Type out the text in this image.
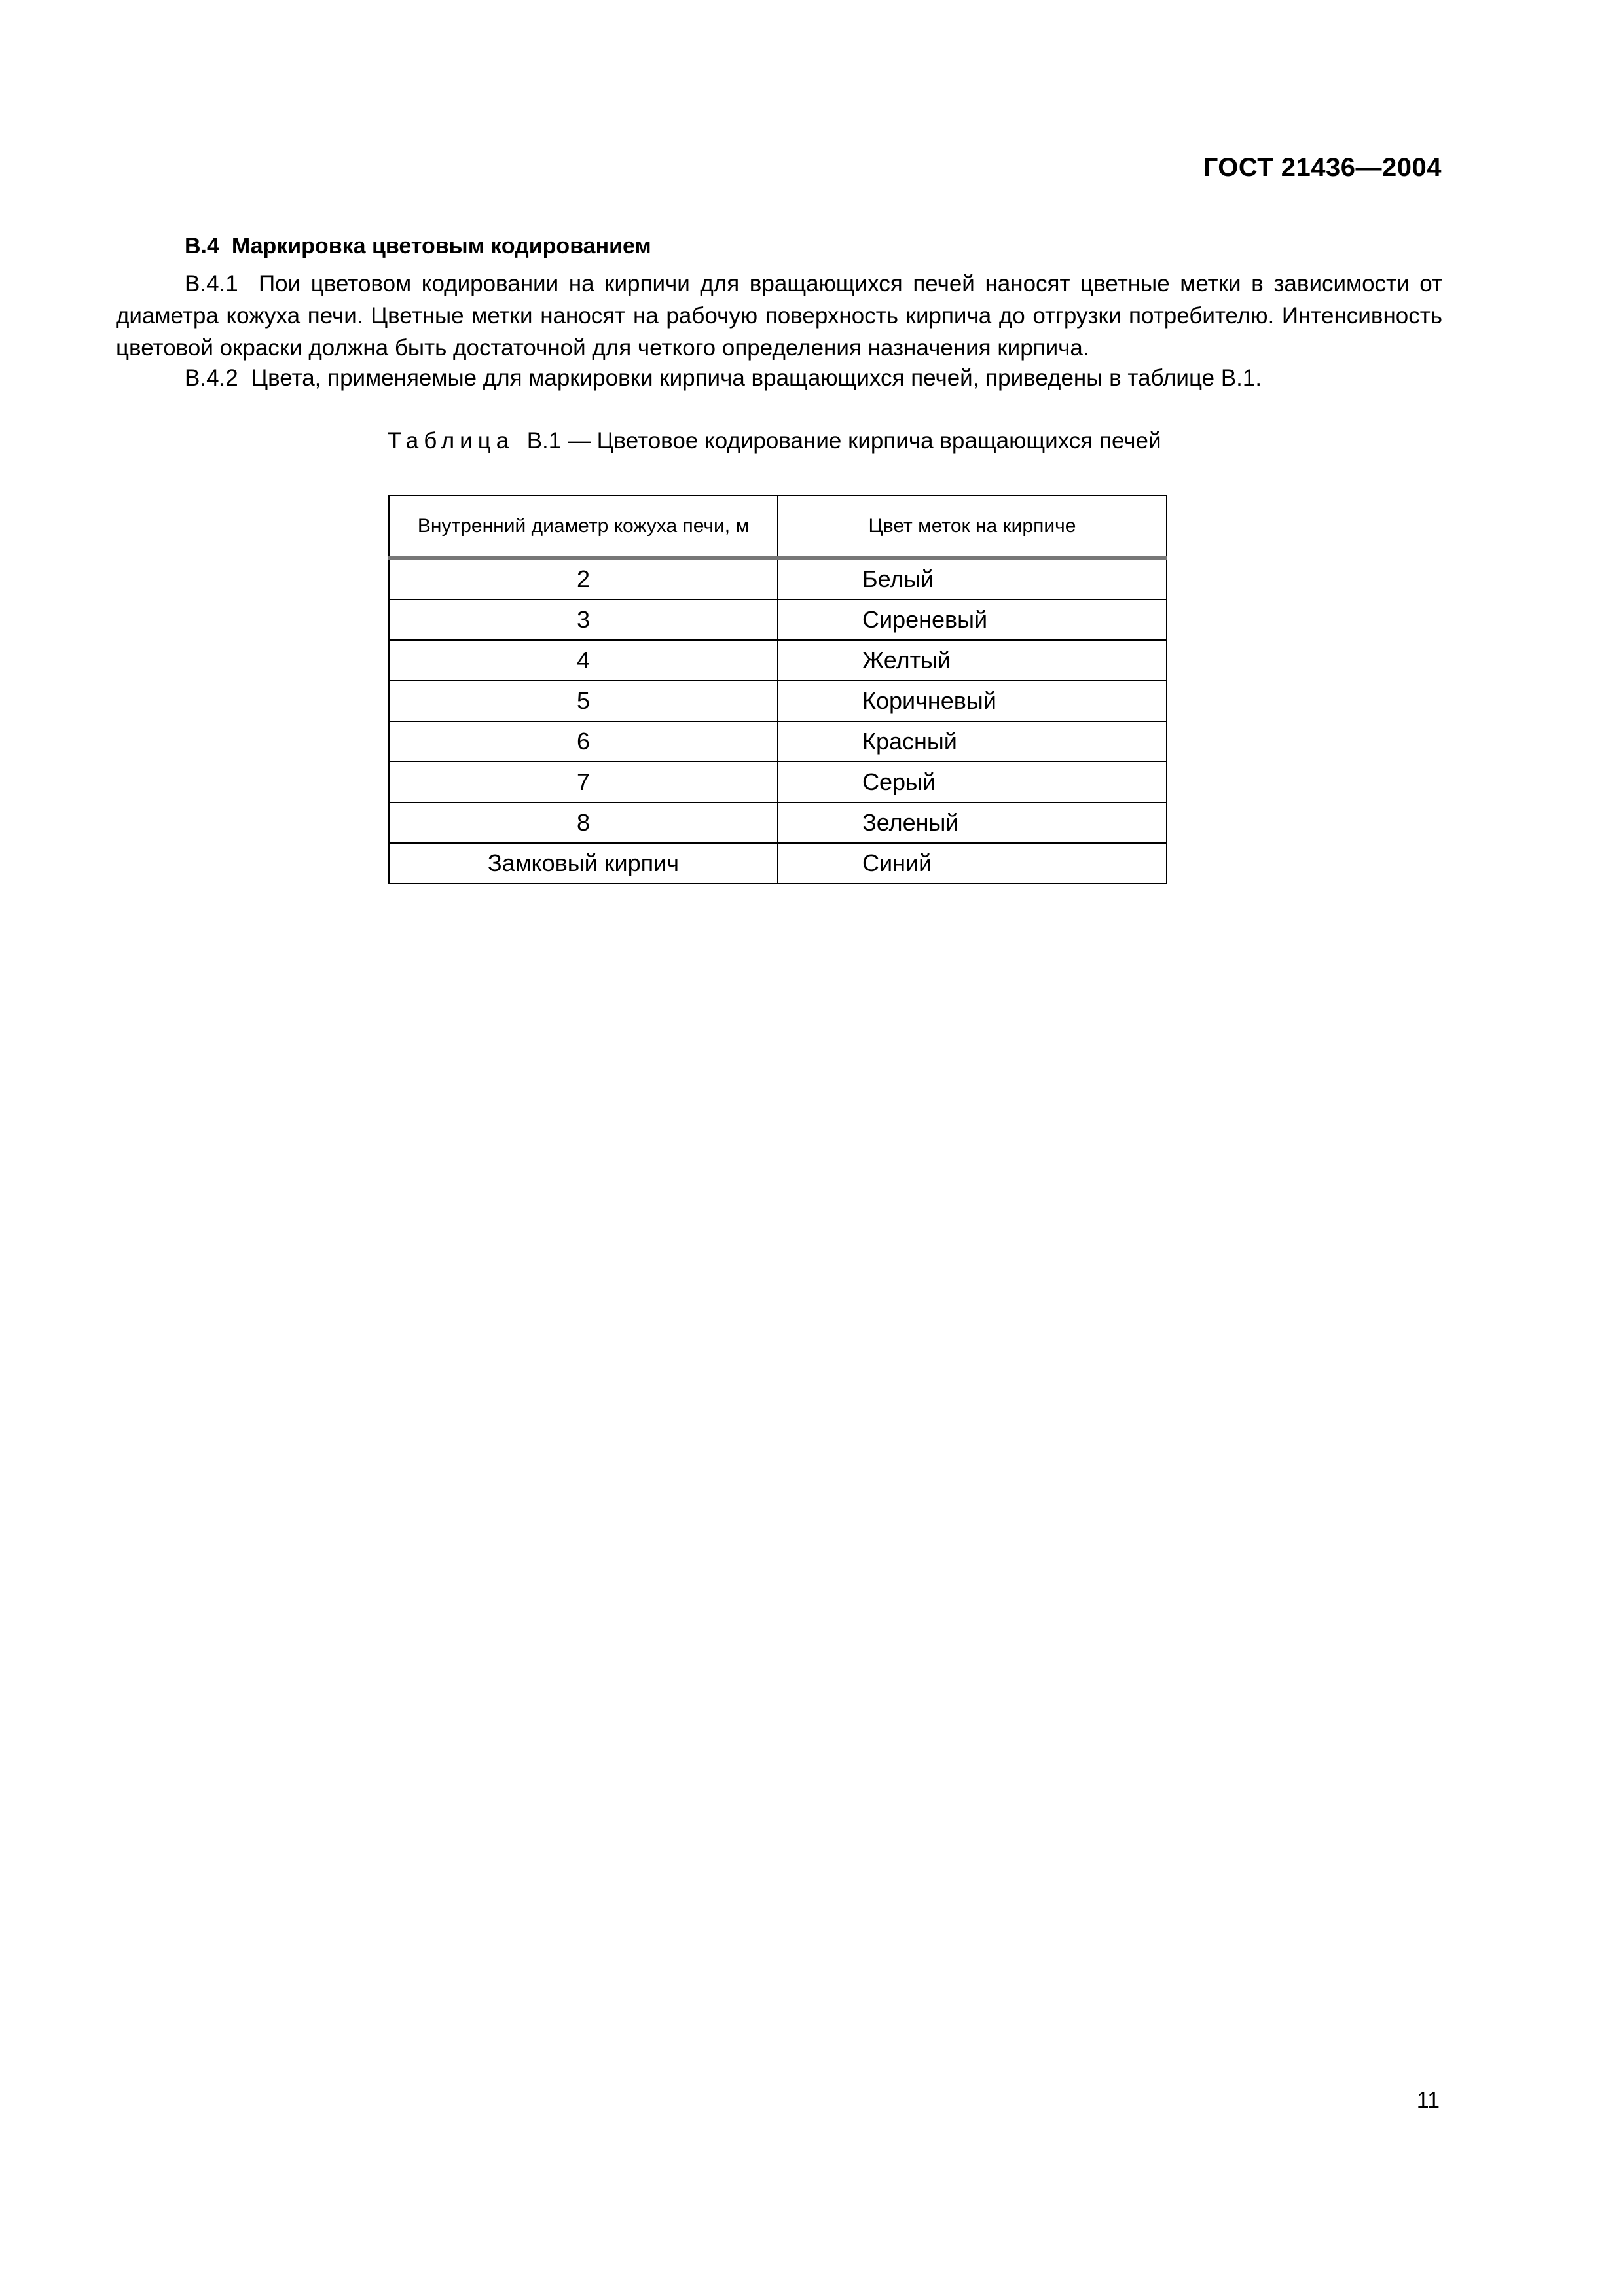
ГОСТ 21436—2004
В.4 Маркировка цветовым кодированием
В.4.1 Пои цветовом кодировании на кирпичи для вращающихся печей наносят цветные метки в зависимости от диаметра кожуха печи. Цветные метки наносят на рабочую поверхность кирпича до отгрузки потребителю. Интенсивность цветовой окраски должна быть достаточной для четкого определения назначения кирпича.
В.4.2 Цвета, применяемые для маркировки кирпича вращающихся печей, приведены в таблице В.1.
Таблица В.1 — Цветовое кодирование кирпича вращающихся печей
Внутренний диаметр кожуха печи, м	Цвет меток на кирпиче
2	Белый
3	Сиреневый
4	Желтый
5	Коричневый
6	Красный
7	Серый
8	Зеленый
Замковый кирпич	Синий
11
